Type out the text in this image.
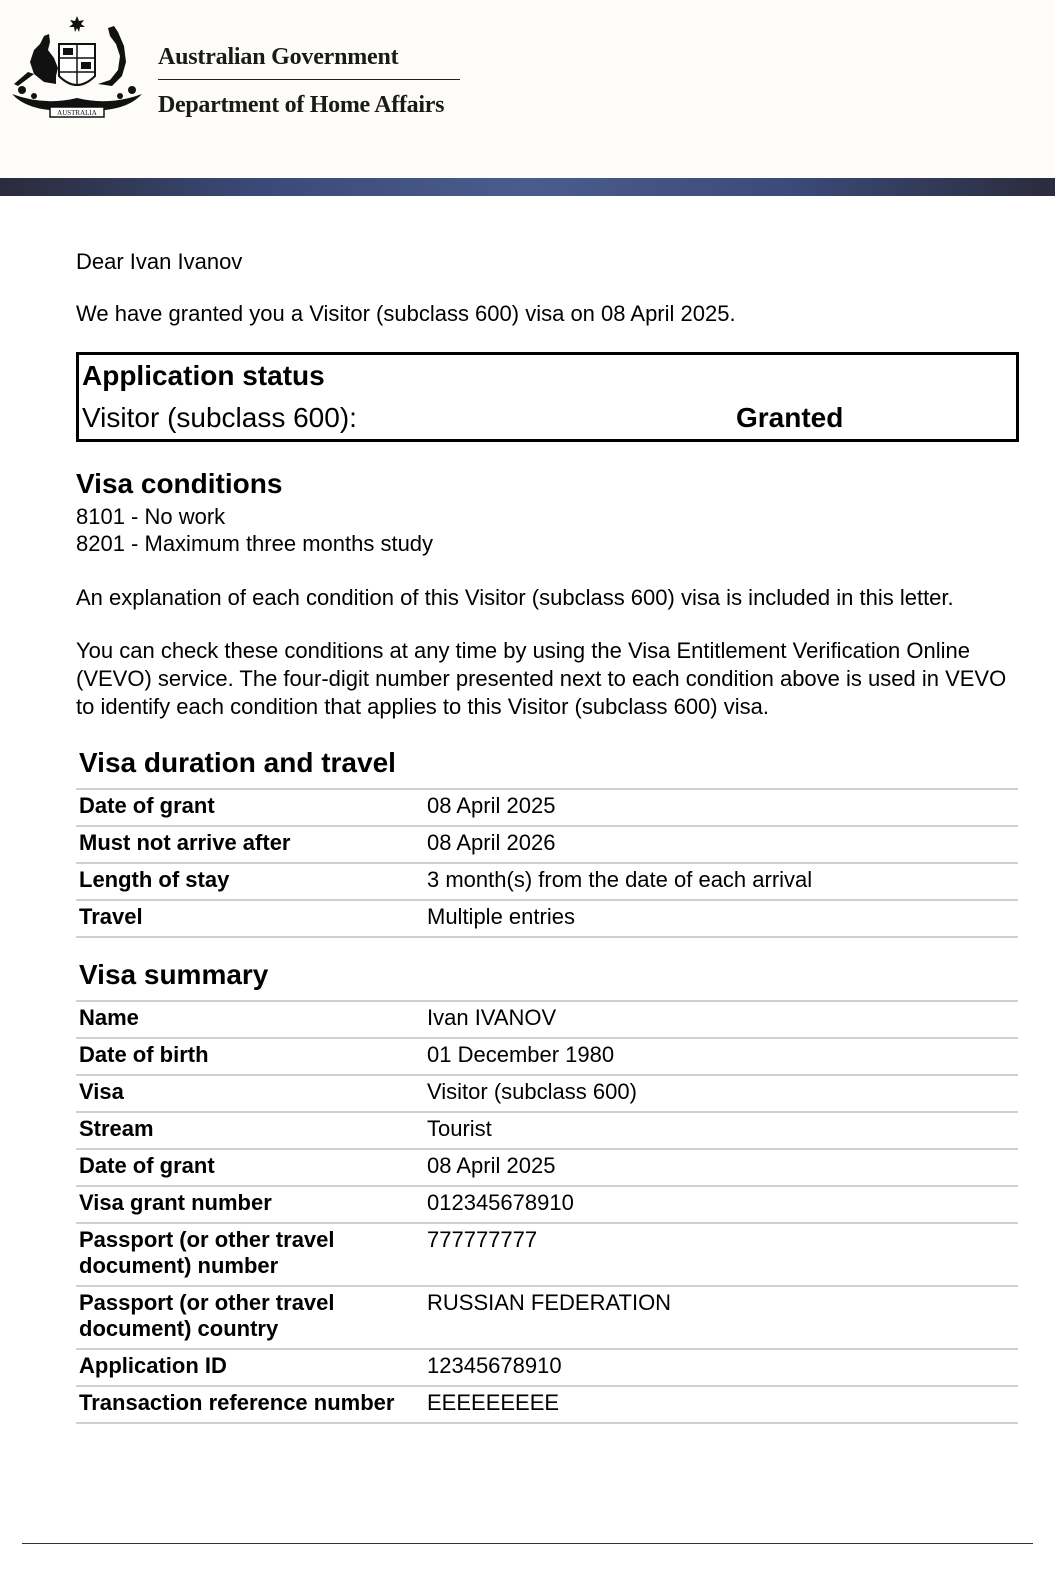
AUSTRALIA
Australian Government
Department of Home Affairs

Dear Ivan Ivanov

We have granted you a Visitor (subclass 600) visa on 08 April 2025.

Application status
Visitor (subclass 600):	Granted
Visa conditions
8101 - No work
8201 - Maximum three months study

An explanation of each condition of this Visitor (subclass 600) visa is included in this letter.

You can check these conditions at any time by using the Visa Entitlement Verification Online (VEVO) service. The four-digit number presented next to each condition above is used in VEVO to identify each condition that applies to this Visitor (subclass 600) visa.

Visa duration and travel
Date of grant	08 April 2025
Must not arrive after	08 April 2026
Length of stay	3 month(s) from the date of each arrival
Travel	Multiple entries
Visa summary
Name	Ivan IVANOV
Date of birth	01 December 1980
Visa	Visitor (subclass 600)
Stream	Tourist
Date of grant	08 April 2025
Visa grant number	012345678910
Passport (or other travel document) number	777777777
Passport (or other travel document) country	RUSSIAN FEDERATION
Application ID	12345678910
Transaction reference number	EEEEEEEEE
